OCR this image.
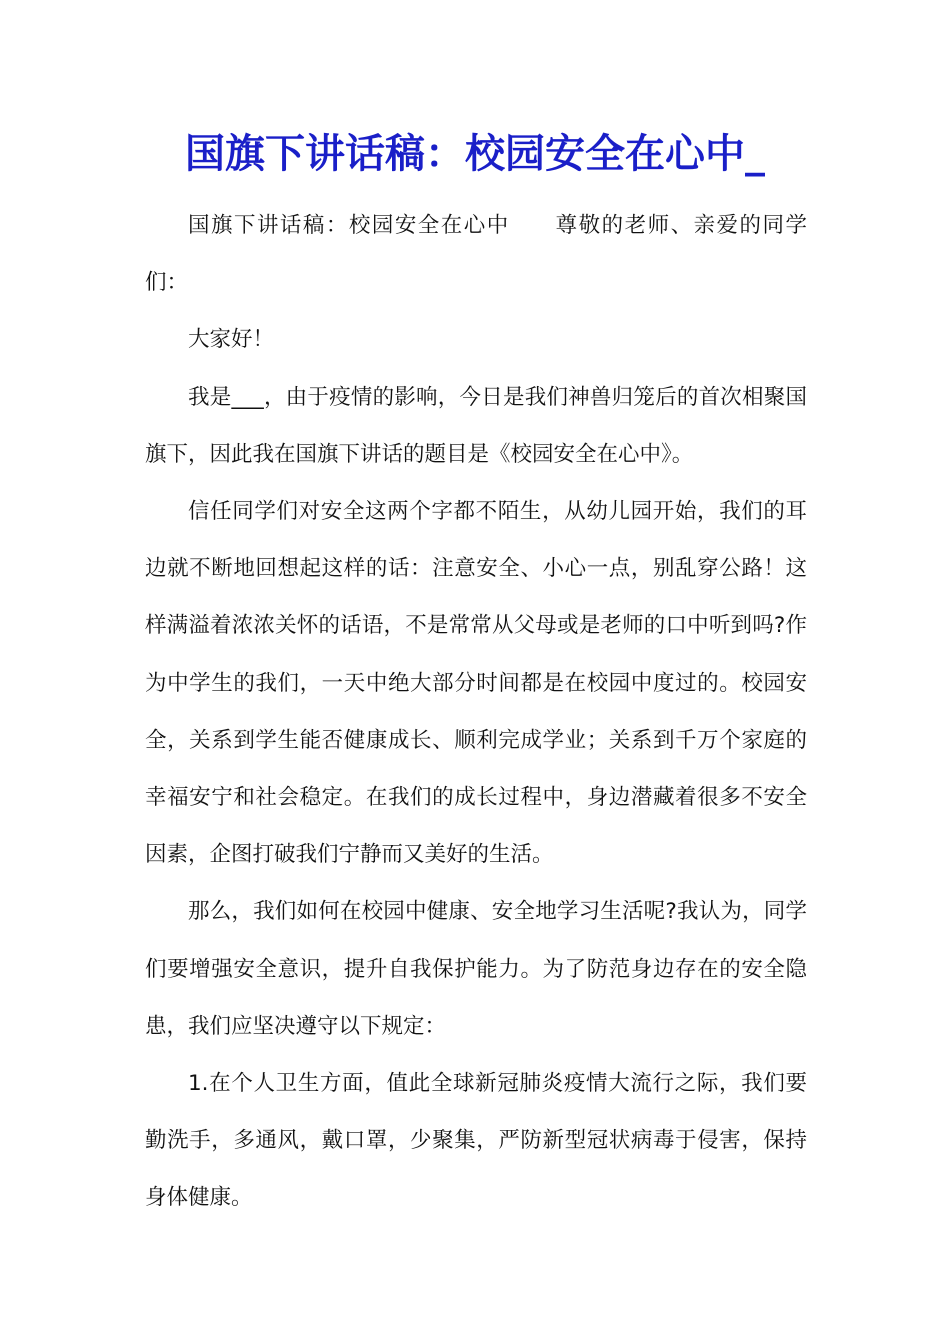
国旗下讲话稿：校园安全在心中_

国旗下讲话稿：校园安全在心中　　尊敬的老师、亲爱的同学们：

大家好！

我是___，由于疫情的影响，今日是我们神兽归笼后的首次相聚国旗下，因此我在国旗下讲话的题目是《校园安全在心中》。

信任同学们对安全这两个字都不陌生，从幼儿园开始，我们的耳边就不断地回想起这样的话：注意安全、小心一点，别乱穿公路！这样满溢着浓浓关怀的话语，不是常常从父母或是老师的口中听到吗?作为中学生的我们，一天中绝大部分时间都是在校园中度过的。校园安全，关系到学生能否健康成长、顺利完成学业；关系到千万个家庭的幸福安宁和社会稳定。在我们的成长过程中，身边潜藏着很多不安全因素，企图打破我们宁静而又美好的生活。

那么，我们如何在校园中健康、安全地学习生活呢?我认为，同学们要增强安全意识，提升自我保护能力。为了防范身边存在的安全隐患，我们应坚决遵守以下规定：

1.在个人卫生方面，值此全球新冠肺炎疫情大流行之际，我们要勤洗手，多通风，戴口罩，少聚集，严防新型冠状病毒于侵害，保持身体健康。
